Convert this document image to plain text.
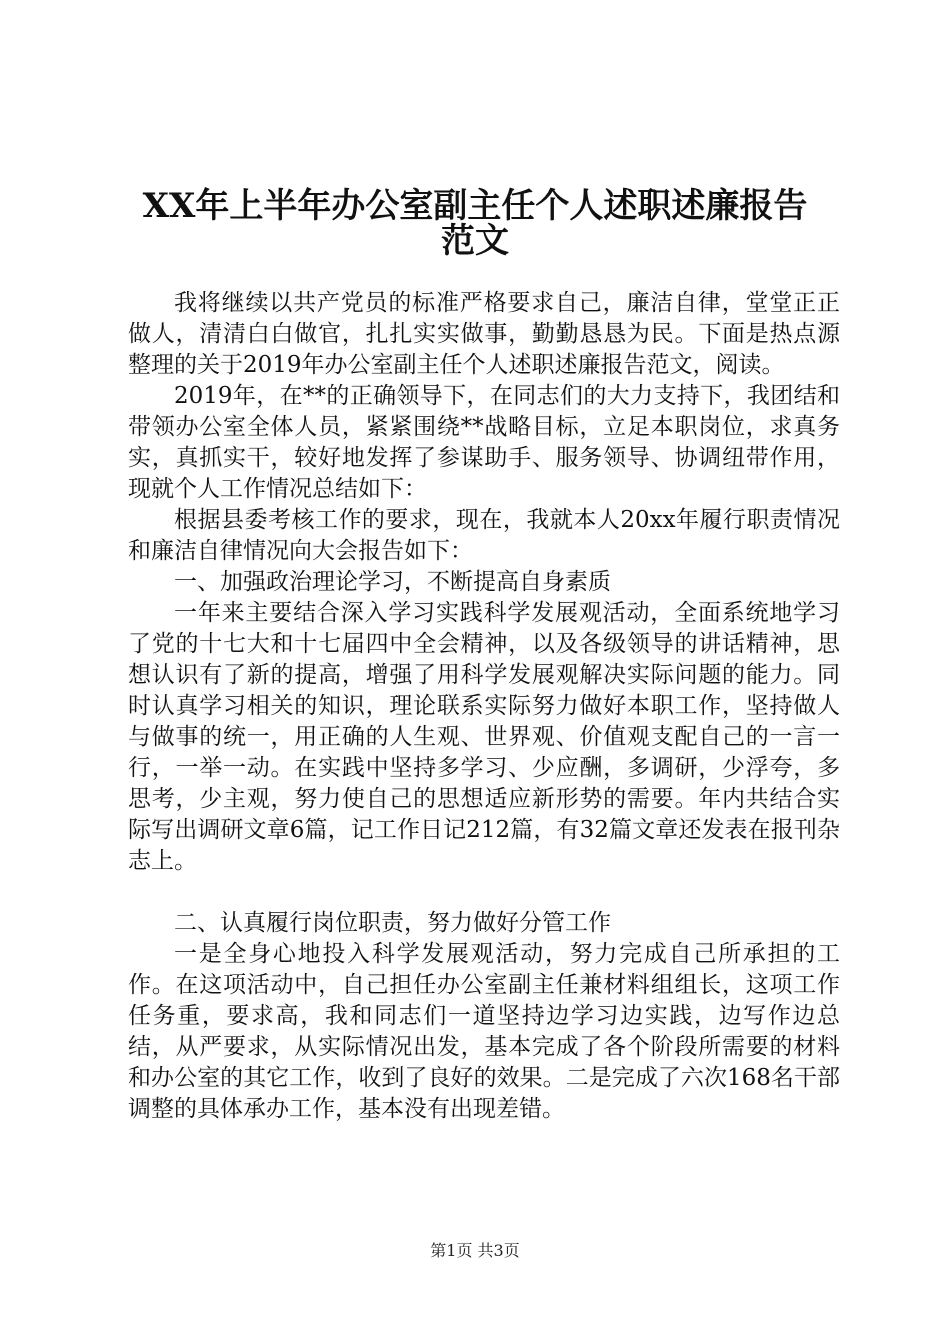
XX年上半年办公室副主任个人述职述廉报告
范文

我将继续以共产党员的标准严格要求自己，廉洁自律，堂堂正正做人，清清白白做官，扎扎实实做事，勤勤恳恳为民。下面是热点源整理的关于2019年办公室副主任个人述职述廉报告范文，阅读。

2019年，在**的正确领导下，在同志们的大力支持下，我团结和带领办公室全体人员，紧紧围绕**战略目标，立足本职岗位，求真务实，真抓实干，较好地发挥了参谋助手、服务领导、协调纽带作用，现就个人工作情况总结如下：

根据县委考核工作的要求，现在，我就本人20xx年履行职责情况和廉洁自律情况向大会报告如下：

一、加强政治理论学习，不断提高自身素质

一年来主要结合深入学习实践科学发展观活动，全面系统地学习了党的十七大和十七届四中全会精神，以及各级领导的讲话精神，思想认识有了新的提高，增强了用科学发展观解决实际问题的能力。同时认真学习相关的知识，理论联系实际努力做好本职工作，坚持做人与做事的统一，用正确的人生观、世界观、价值观支配自己的一言一行，一举一动。在实践中坚持多学习、少应酬，多调研，少浮夸，多思考，少主观，努力使自己的思想适应新形势的需要。年内共结合实际写出调研文章6篇，记工作日记212篇，有32篇文章还发表在报刊杂志上。

二、认真履行岗位职责，努力做好分管工作

一是全身心地投入科学发展观活动，努力完成自己所承担的工作。在这项活动中，自己担任办公室副主任兼材料组组长，这项工作任务重，要求高，我和同志们一道坚持边学习边实践，边写作边总结，从严要求，从实际情况出发，基本完成了各个阶段所需要的材料和办公室的其它工作，收到了良好的效果。二是完成了六次168名干部调整的具体承办工作，基本没有出现差错。

第1页 共3页
